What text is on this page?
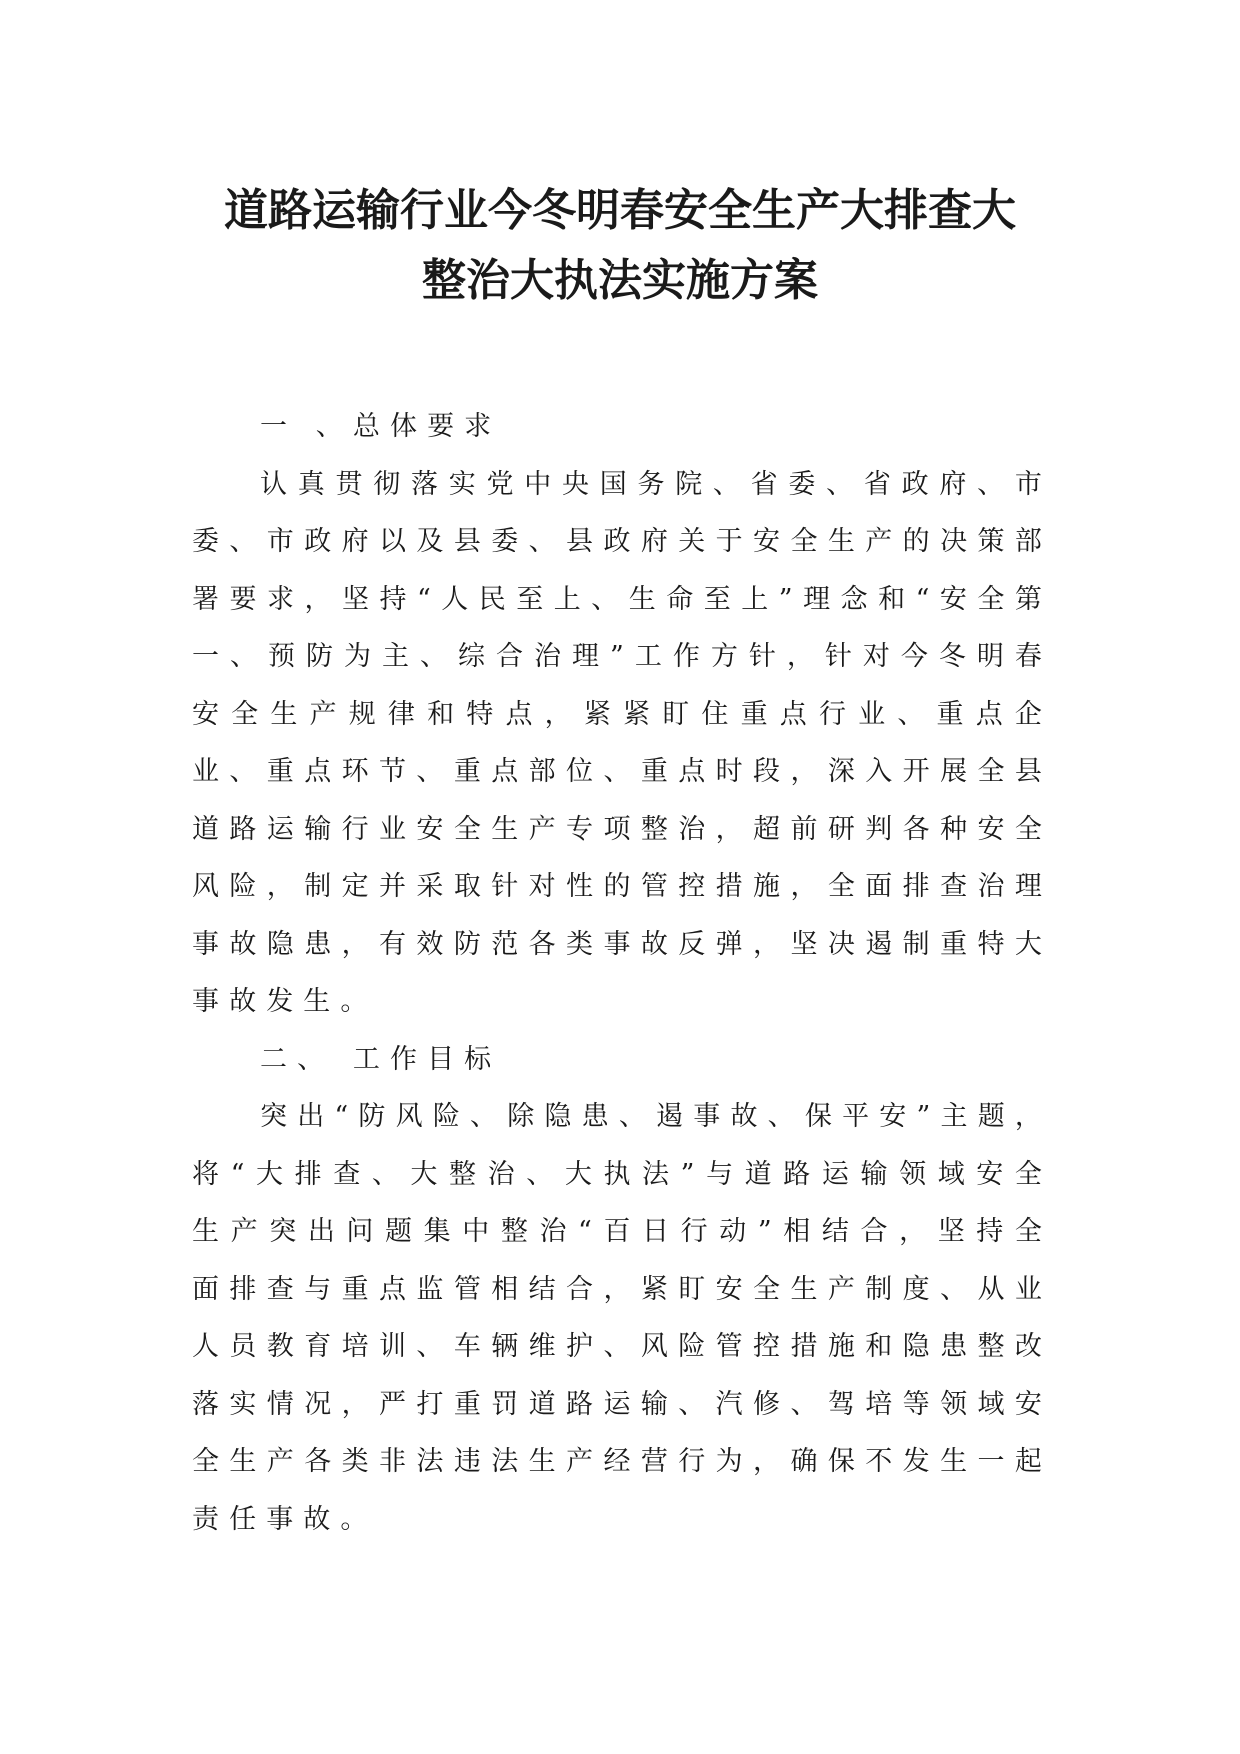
道路运输行业今冬明春安全生产大排查大
整治大执法实施方案

一 、总体要求

认真贯彻落实党中央国务院、省委、省政府、市委、市政府以及县委、县政府关于安全生产的决策部署要求，坚持“人民至上、生命至上”理念和“安全第一、预防为主、综合治理”工作方针，针对今冬明春安全生产规律和特点，紧紧盯住重点行业、重点企业、重点环节、重点部位、重点时段，深入开展全县道路运输行业安全生产专项整治，超前研判各种安全风险，制定并采取针对性的管控措施，全面排查治理事故隐患，有效防范各类事故反弹，坚决遏制重特大事故发生。

二、 工作目标

突出“防风险、除隐患、遏事故、保平安”主题，将“大排查、大整治、大执法”与道路运输领域安全生产突出问题集中整治“百日行动”相结合，坚持全面排查与重点监管相结合，紧盯安全生产制度、从业人员教育培训、车辆维护、风险管控措施和隐患整改落实情况，严打重罚道路运输、汽修、驾培等领域安全生产各类非法违法生产经营行为，确保不发生一起责任事故。
